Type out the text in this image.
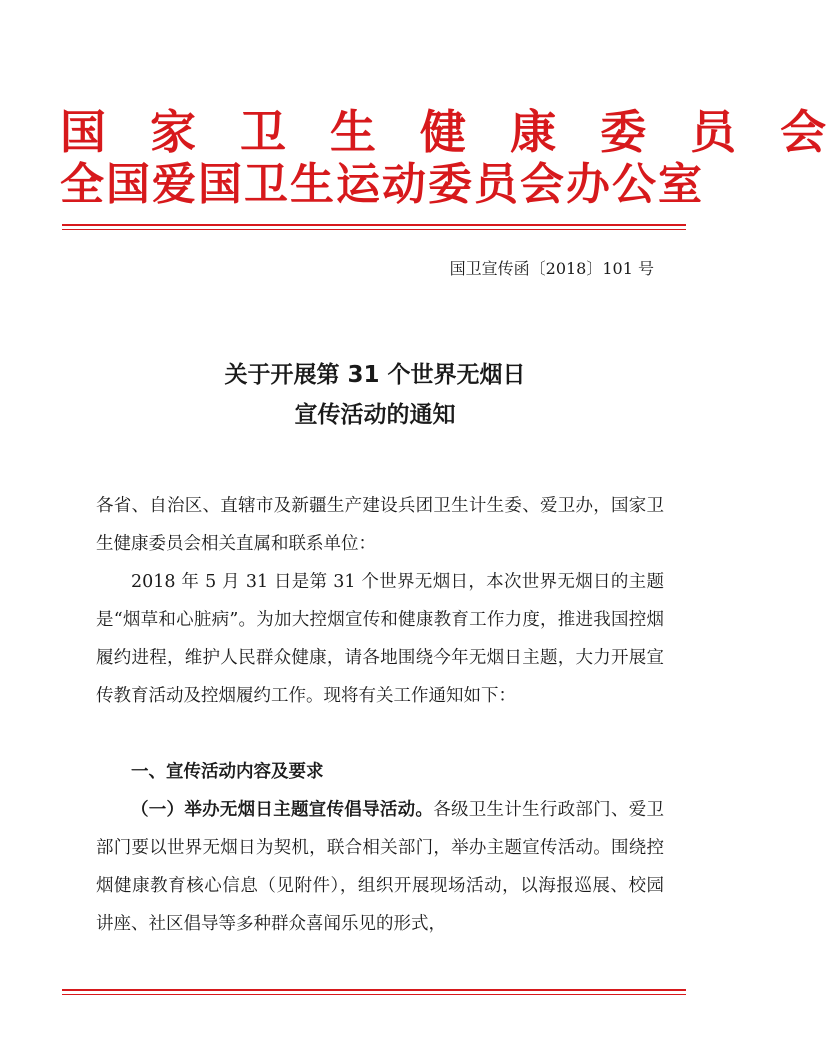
国 家 卫 生 健 康 委 员 会
全国爱国卫生运动委员会办公室
国卫宣传函〔2018〕101 号
关于开展第 31 个世界无烟日
宣传活动的通知
各省、自治区、直辖市及新疆生产建设兵团卫生计生委、爱卫办，国家卫生健康委员会相关直属和联系单位：
2018 年 5 月 31 日是第 31 个世界无烟日，本次世界无烟日的主题是“烟草和心脏病”。为加大控烟宣传和健康教育工作力度，推进我国控烟履约进程，维护人民群众健康，请各地围绕今年无烟日主题，大力开展宣传教育活动及控烟履约工作。现将有关工作通知如下：
一、宣传活动内容及要求
（一）举办无烟日主题宣传倡导活动。各级卫生计生行政部门、爱卫部门要以世界无烟日为契机，联合相关部门，举办主题宣传活动。围绕控烟健康教育核心信息（见附件），组织开展现场活动，以海报巡展、校园讲座、社区倡导等多种群众喜闻乐见的形式，
